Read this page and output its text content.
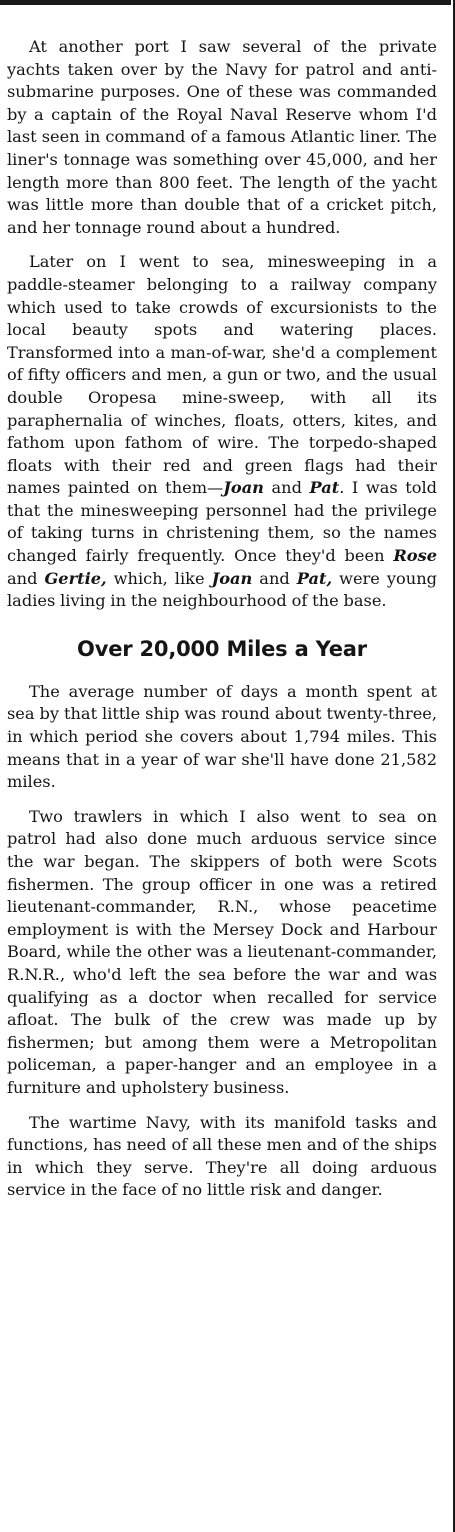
At another port I saw several of the private yachts taken over by the Navy for patrol and anti-submarine purposes. One of these was commanded by a captain of the Royal Naval Reserve whom I'd last seen in command of a famous Atlantic liner. The liner's tonnage was something over 45,000, and her length more than 800 feet. The length of the yacht was little more than double that of a cricket pitch, and her tonnage round about a hundred.

Later on I went to sea, minesweeping in a paddle-steamer belonging to a railway company which used to take crowds of excursionists to the local beauty spots and watering places. Transformed into a man-of-war, she'd a complement of fifty officers and men, a gun or two, and the usual double Oropesa mine-sweep, with all its paraphernalia of winches, floats, otters, kites, and fathom upon fathom of wire. The torpedo-shaped floats with their red and green flags had their names painted on them—Joan and Pat. I was told that the minesweeping personnel had the privilege of taking turns in christening them, so the names changed fairly frequently. Once they'd been Rose and Gertie, which, like Joan and Pat, were young ladies living in the neighbourhood of the base.

Over 20,000 Miles a Year

The average number of days a month spent at sea by that little ship was round about twenty-three, in which period she covers about 1,794 miles. This means that in a year of war she'll have done 21,582 miles.

Two trawlers in which I also went to sea on patrol had also done much arduous service since the war began. The skippers of both were Scots fishermen. The group officer in one was a retired lieutenant-commander, R.N., whose peacetime employment is with the Mersey Dock and Harbour Board, while the other was a lieutenant-commander, R.N.R., who'd left the sea before the war and was qualifying as a doctor when recalled for service afloat. The bulk of the crew was made up by fishermen; but among them were a Metropolitan policeman, a paper-hanger and an employee in a furniture and upholstery business.

The wartime Navy, with its manifold tasks and functions, has need of all these men and of the ships in which they serve. They're all doing arduous service in the face of no little risk and danger.
